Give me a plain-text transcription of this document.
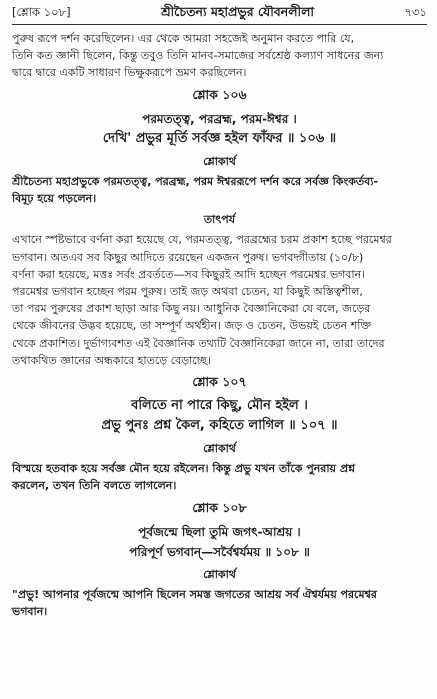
[শ্লোক ১০৮]	শ্রীচৈতন্য মহাপ্রভুর যৌবনলীলা	৭৩১

পুরুষ রূপে দর্শন করেছিলেন। এর থেকে আমরা সহজেই অনুমান করতে পারি যে,

তিনি কত জ্ঞানী ছিলেন, কিন্তু তবুও তিনি মানব-সমাজের সর্বশ্রেষ্ঠ কল্যাণ সাধনের জন্য

দ্বারে দ্বারে একটি সাধারণ ভিক্ষুকরূপে ভ্রমণ করছিলেন।

শ্লোক ১০৬
পরমতত্ত্ব, পরব্রহ্ম, পরম-ঈশ্বর ।
দেখি' প্রভুর মূর্তি সর্বজ্ঞ হইল ফাঁফর ॥ ১০৬ ॥
শ্লোকার্থ

শ্রীচৈতন্য মহাপ্রভুকে পরমতত্ত্ব, পরব্রহ্ম, পরম ঈশ্বররূপে দর্শন করে সর্বজ্ঞ কিংকর্তব্য-

বিমূঢ় হয়ে পড়লেন।

তাৎপর্য

এখানে স্পষ্টভাবে বর্ণনা করা হয়েছে যে, পরমতত্ত্ব, পরব্রহ্মের চরম প্রকাশ হচ্ছে পরমেশ্বর

ভগবান। অতএব সব কিছুর আদিতে রয়েছেন একজন পুরুষ। ভগবদ্গীতায় (১০/৮)

বর্ণনা করা হয়েছে, মত্তঃ সর্বং প্রবর্ততে—সব কিছুরই আদি হচ্ছেন পরমেশ্বর ভগবান।

পরমেশ্বর ভগবান হচ্ছেন পরম পুরুষ। তাই জড় অথবা চেতন, যা কিছুই অস্তিত্বশীল,

তা পরম পুরুষের প্রকাশ ছাড়া আর কিছু নয়। আধুনিক বৈজ্ঞানিকেরা যে বলে, জড়ের

থেকে জীবনের উদ্ভব হয়েছে, তা সম্পূর্ণ অর্থহীন। জড় ও চেতন, উভয়ই চেতন শক্তি

থেকে প্রকাশিত। দুর্ভাগ্যবশত এই বৈজ্ঞানিক তথ্যটি বৈজ্ঞানিকেরা জানে না, তারা তাদের

তথাকথিত জ্ঞানের অন্ধকারে হাতড়ে বেড়াচ্ছে।

শ্লোক ১০৭
বলিতে না পারে কিছু, মৌন হইল ।
প্রভু পুনঃ প্রশ্ন কৈল, কহিতে লাগিল ॥ ১০৭ ॥
শ্লোকার্থ

বিস্ময়ে হতবাক হয়ে সর্বজ্ঞ মৌন হয়ে রইলেন। কিন্তু প্রভু যখন তাঁকে পুনরায় প্রশ্ন

করলেন, তখন তিনি বলতে লাগলেন।

শ্লোক ১০৮
পূর্বজন্মে ছিলা তুমি জগৎ-আশ্রয় ।
পরিপূর্ণ ভগবান্—সর্বৈশ্বর্যময় ॥ ১০৮ ॥
শ্লোকার্থ

"প্রভু! আপনার পূর্বজন্মে আপনি ছিলেন সমস্ত জগতের আশ্রয় সর্ব ঐশ্বর্যময় পরমেশ্বর

ভগবান।
